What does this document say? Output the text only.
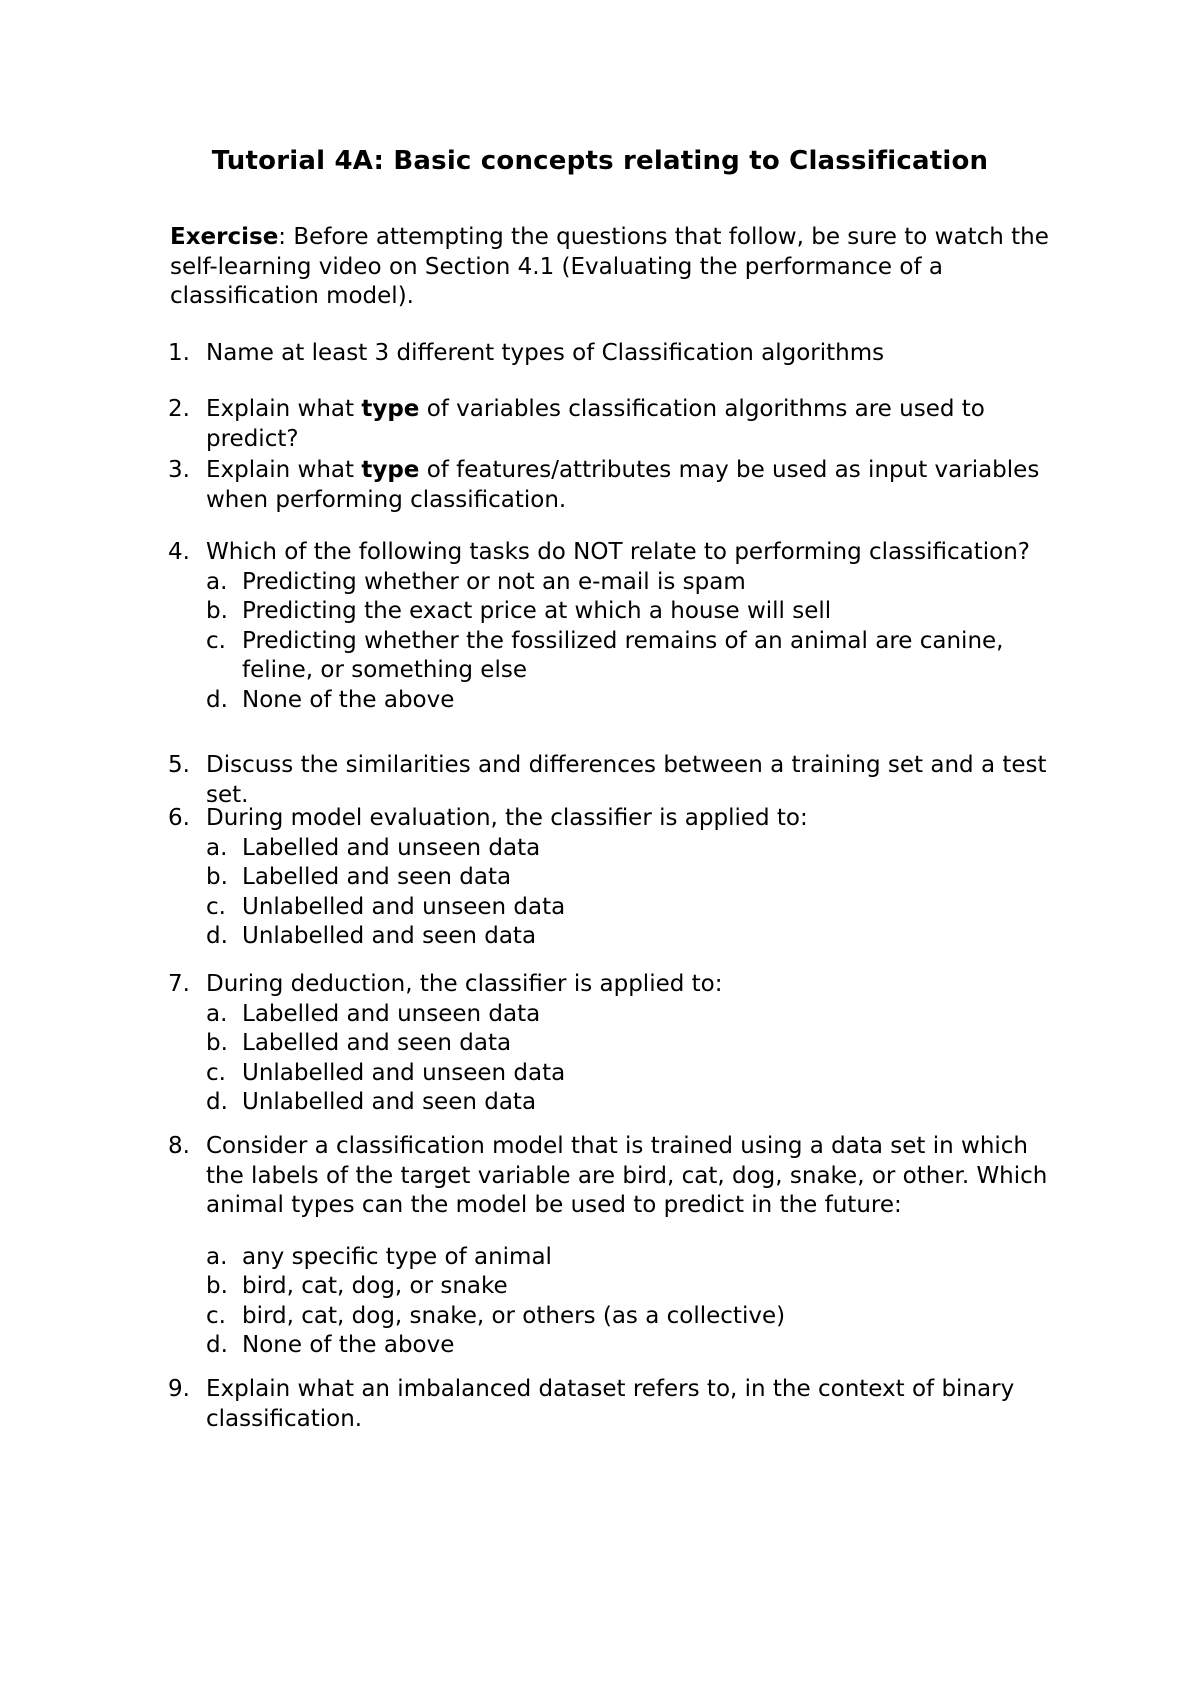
Tutorial 4A: Basic concepts relating to Classification
Exercise: Before attempting the questions that follow, be sure to watch the self-learning video on Section 4.1 (Evaluating the performance of a classification model).
1. Name at least 3 different types of Classification algorithms
2. Explain what type of variables classification algorithms are used to predict?
3. Explain what type of features/attributes may be used as input variables when performing classification.
4. Which of the following tasks do NOT relate to performing classification?
a. Predicting whether or not an e-mail is spam
b. Predicting the exact price at which a house will sell
c. Predicting whether the fossilized remains of an animal are canine, feline, or something else
d. None of the above
5. Discuss the similarities and differences between a training set and a test set.
6. During model evaluation, the classifier is applied to:
a. Labelled and unseen data
b. Labelled and seen data
c. Unlabelled and unseen data
d. Unlabelled and seen data
7. During deduction, the classifier is applied to:
a. Labelled and unseen data
b. Labelled and seen data
c. Unlabelled and unseen data
d. Unlabelled and seen data
8. Consider a classification model that is trained using a data set in which the labels of the target variable are bird, cat, dog, snake, or other. Which animal types can the model be used to predict in the future:
a. any specific type of animal
b. bird, cat, dog, or snake
c. bird, cat, dog, snake, or others (as a collective)
d. None of the above
9. Explain what an imbalanced dataset refers to, in the context of binary classification.
